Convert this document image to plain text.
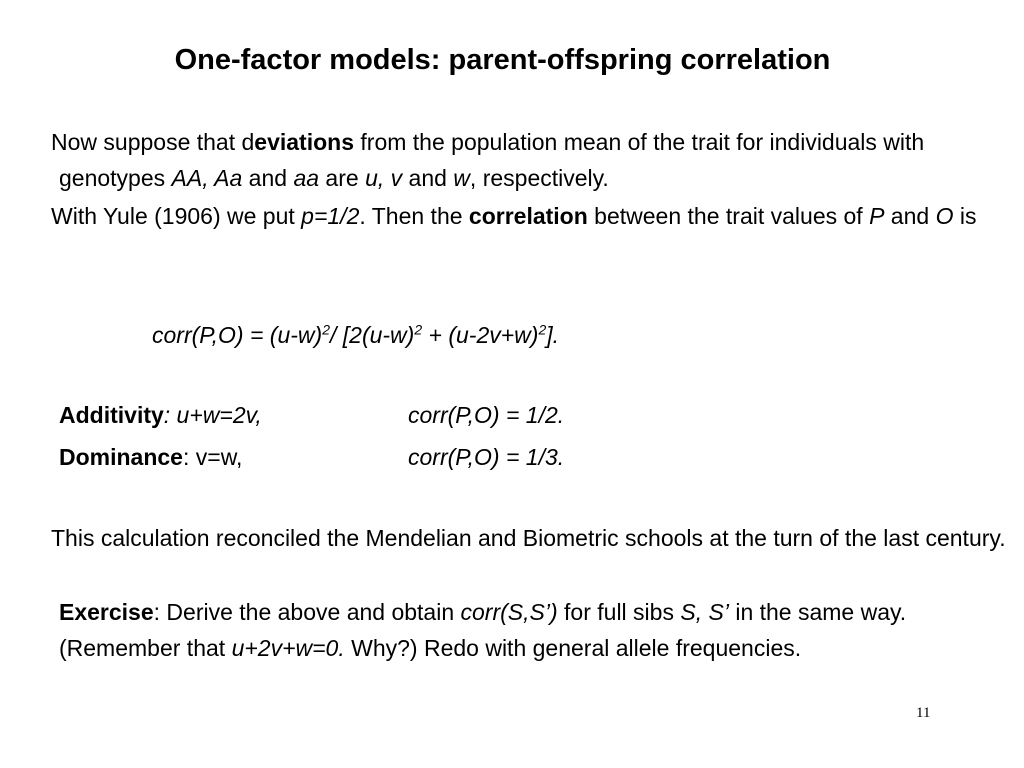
One-factor models: parent-offspring correlation
Now suppose that deviations from the population mean of the trait for individuals with genotypes AA, Aa and aa are u, v and w, respectively.
With Yule (1906) we put p=1/2. Then the correlation between the trait values of P and O is
corr(P,O) = $(u-w)^2/$ $[2(u-w)^2 + (u-2v+w)^2]$.
Additivity: u+w=2v,	corr(P,O) = 1/2.
Dominance: v=w,	corr(P,O) = 1/3.
This calculation reconciled the Mendelian and Biometric schools at the turn of the last century.
Exercise: Derive the above and obtain corr(S,S’) for full sibs S, S’ in the same way. (Remember that u+2v+w=0. Why?) Redo with general allele frequencies.
11
